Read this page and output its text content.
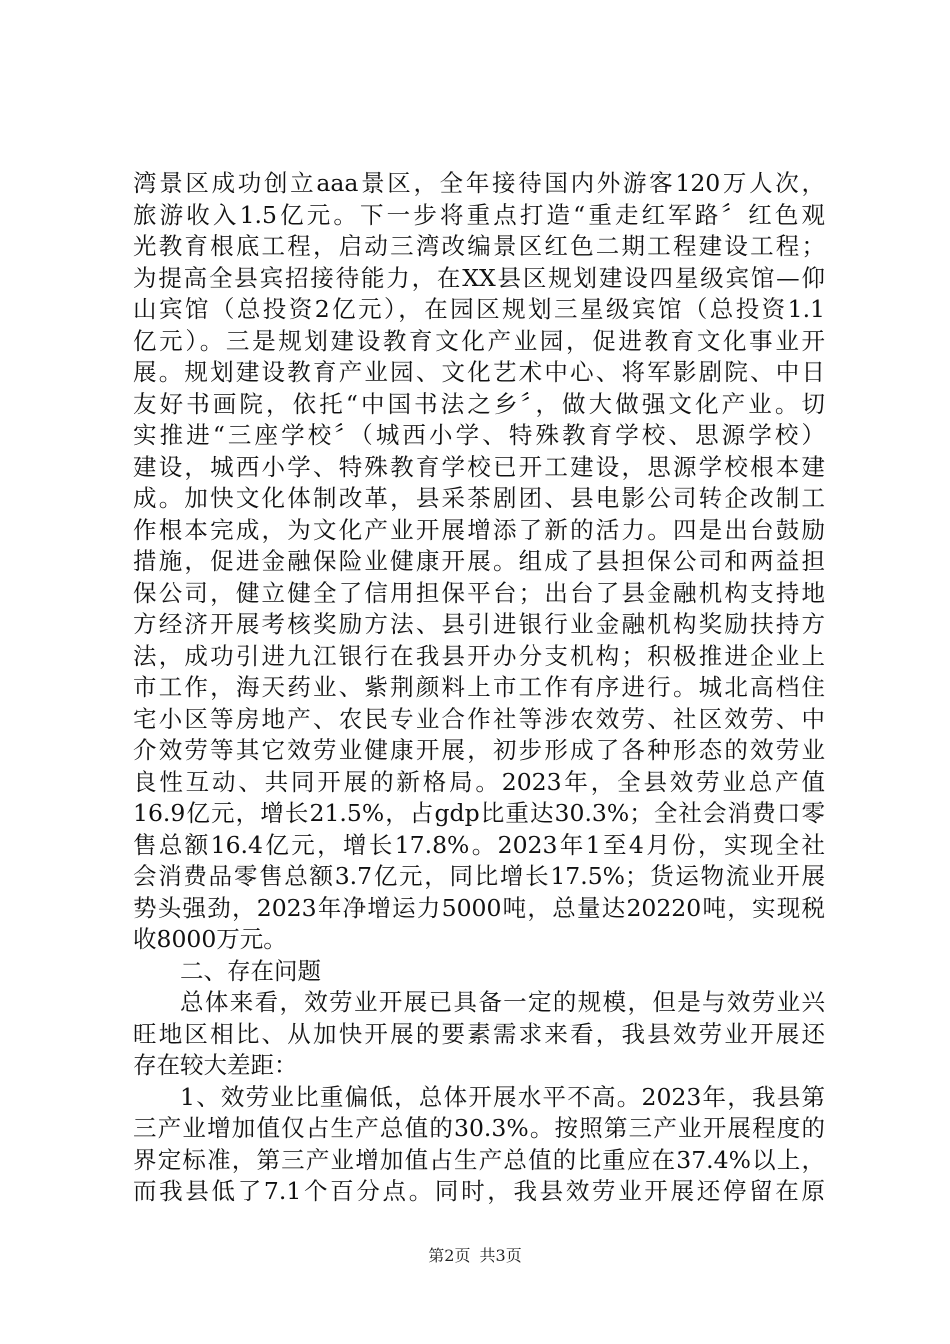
湾景区成功创立aaa景区，全年接待国内外游客120万人次，
旅游收入1.5亿元。下一步将重点打造“重走红军路〞红色观
光教育根底工程，启动三湾改编景区红色二期工程建设工程；
为提高全县宾招接待能力，在XX县区规划建设四星级宾馆—仰
山宾馆（总投资2亿元），在园区规划三星级宾馆（总投资1.1
亿元）。三是规划建设教育文化产业园，促进教育文化事业开
展。规划建设教育产业园、文化艺术中心、将军影剧院、中日
友好书画院，依托“中国书法之乡〞，做大做强文化产业。切
实推进“三座学校〞（城西小学、特殊教育学校、思源学校）
建设，城西小学、特殊教育学校已开工建设，思源学校根本建
成。加快文化体制改革，县采茶剧团、县电影公司转企改制工
作根本完成，为文化产业开展增添了新的活力。四是出台鼓励
措施，促进金融保险业健康开展。组成了县担保公司和两益担
保公司，健立健全了信用担保平台；出台了县金融机构支持地
方经济开展考核奖励方法、县引进银行业金融机构奖励扶持方
法，成功引进九江银行在我县开办分支机构；积极推进企业上
市工作，海天药业、紫荆颜料上市工作有序进行。城北高档住
宅小区等房地产、农民专业合作社等涉农效劳、社区效劳、中
介效劳等其它效劳业健康开展，初步形成了各种形态的效劳业
良性互动、共同开展的新格局。2023年，全县效劳业总产值
16.9亿元，增长21.5%，占gdp比重达30.3%；全社会消费口零
售总额16.4亿元，增长17.8%。2023年1至4月份，实现全社
会消费品零售总额3.7亿元，同比增长17.5%；货运物流业开展
势头强劲，2023年净增运力5000吨，总量达20220吨，实现税
收8000万元。
二、存在问题
总体来看，效劳业开展已具备一定的规模，但是与效劳业兴
旺地区相比、从加快开展的要素需求来看，我县效劳业开展还
存在较大差距：
1、效劳业比重偏低，总体开展水平不高。2023年，我县第
三产业增加值仅占生产总值的30.3%。按照第三产业开展程度的
界定标准，第三产业增加值占生产总值的比重应在37.4%以上，
而我县低了7.1个百分点。同时，我县效劳业开展还停留在原
第2页 共3页
